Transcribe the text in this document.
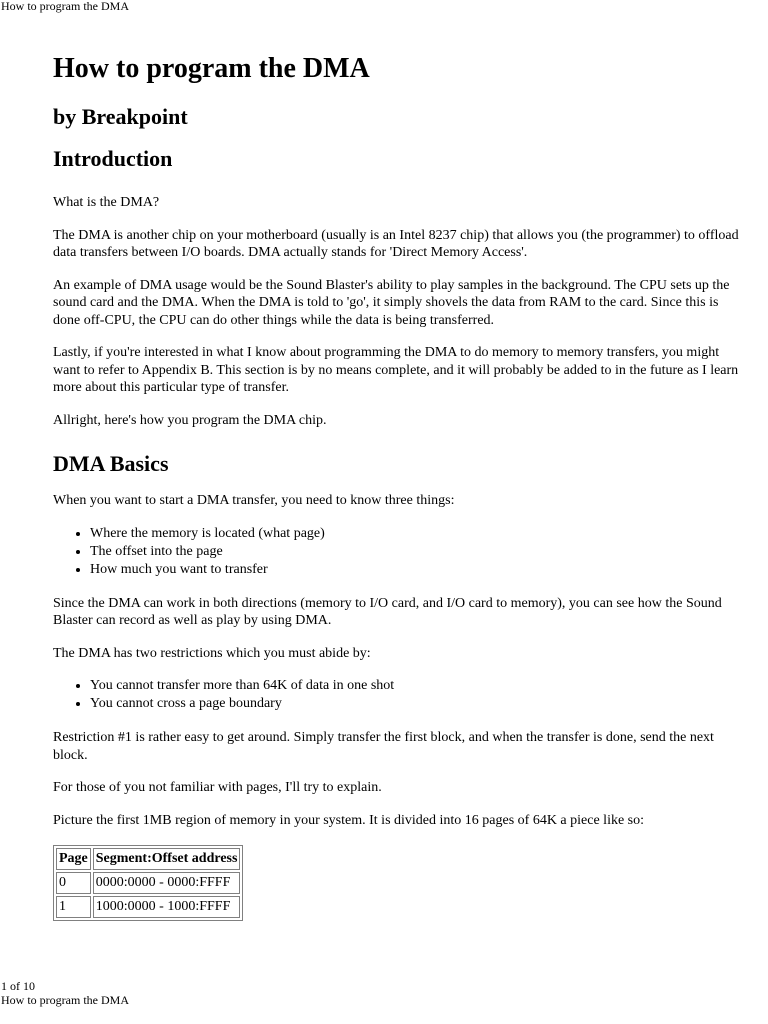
How to program the DMA
How to program the DMA
by Breakpoint
Introduction

What is the DMA?

The DMA is another chip on your motherboard (usually is an Intel 8237 chip) that allows you (the programmer) to offload data transfers between I/O boards. DMA actually stands for 'Direct Memory Access'.

An example of DMA usage would be the Sound Blaster's ability to play samples in the background. The CPU sets up the sound card and the DMA. When the DMA is told to 'go', it simply shovels the data from RAM to the card. Since this is done off-CPU, the CPU can do other things while the data is being transferred.

Lastly, if you're interested in what I know about programming the DMA to do memory to memory transfers, you might want to refer to Appendix B. This section is by no means complete, and it will probably be added to in the future as I learn more about this particular type of transfer.

Allright, here's how you program the DMA chip.

DMA Basics

When you want to start a DMA transfer, you need to know three things:

• Where the memory is located (what page)
• The offset into the page
• How much you want to transfer

Since the DMA can work in both directions (memory to I/O card, and I/O card to memory), you can see how the Sound Blaster can record as well as play by using DMA.

The DMA has two restrictions which you must abide by:

• You cannot transfer more than 64K of data in one shot
• You cannot cross a page boundary

Restriction #1 is rather easy to get around. Simply transfer the first block, and when the transfer is done, send the next block.

For those of you not familiar with pages, I'll try to explain.

Picture the first 1MB region of memory in your system. It is divided into 16 pages of 64K a piece like so:

Page	Segment:Offset address
0	0000:0000 - 0000:FFFF
1	1000:0000 - 1000:FFFF
1 of 10
How to program the DMA
